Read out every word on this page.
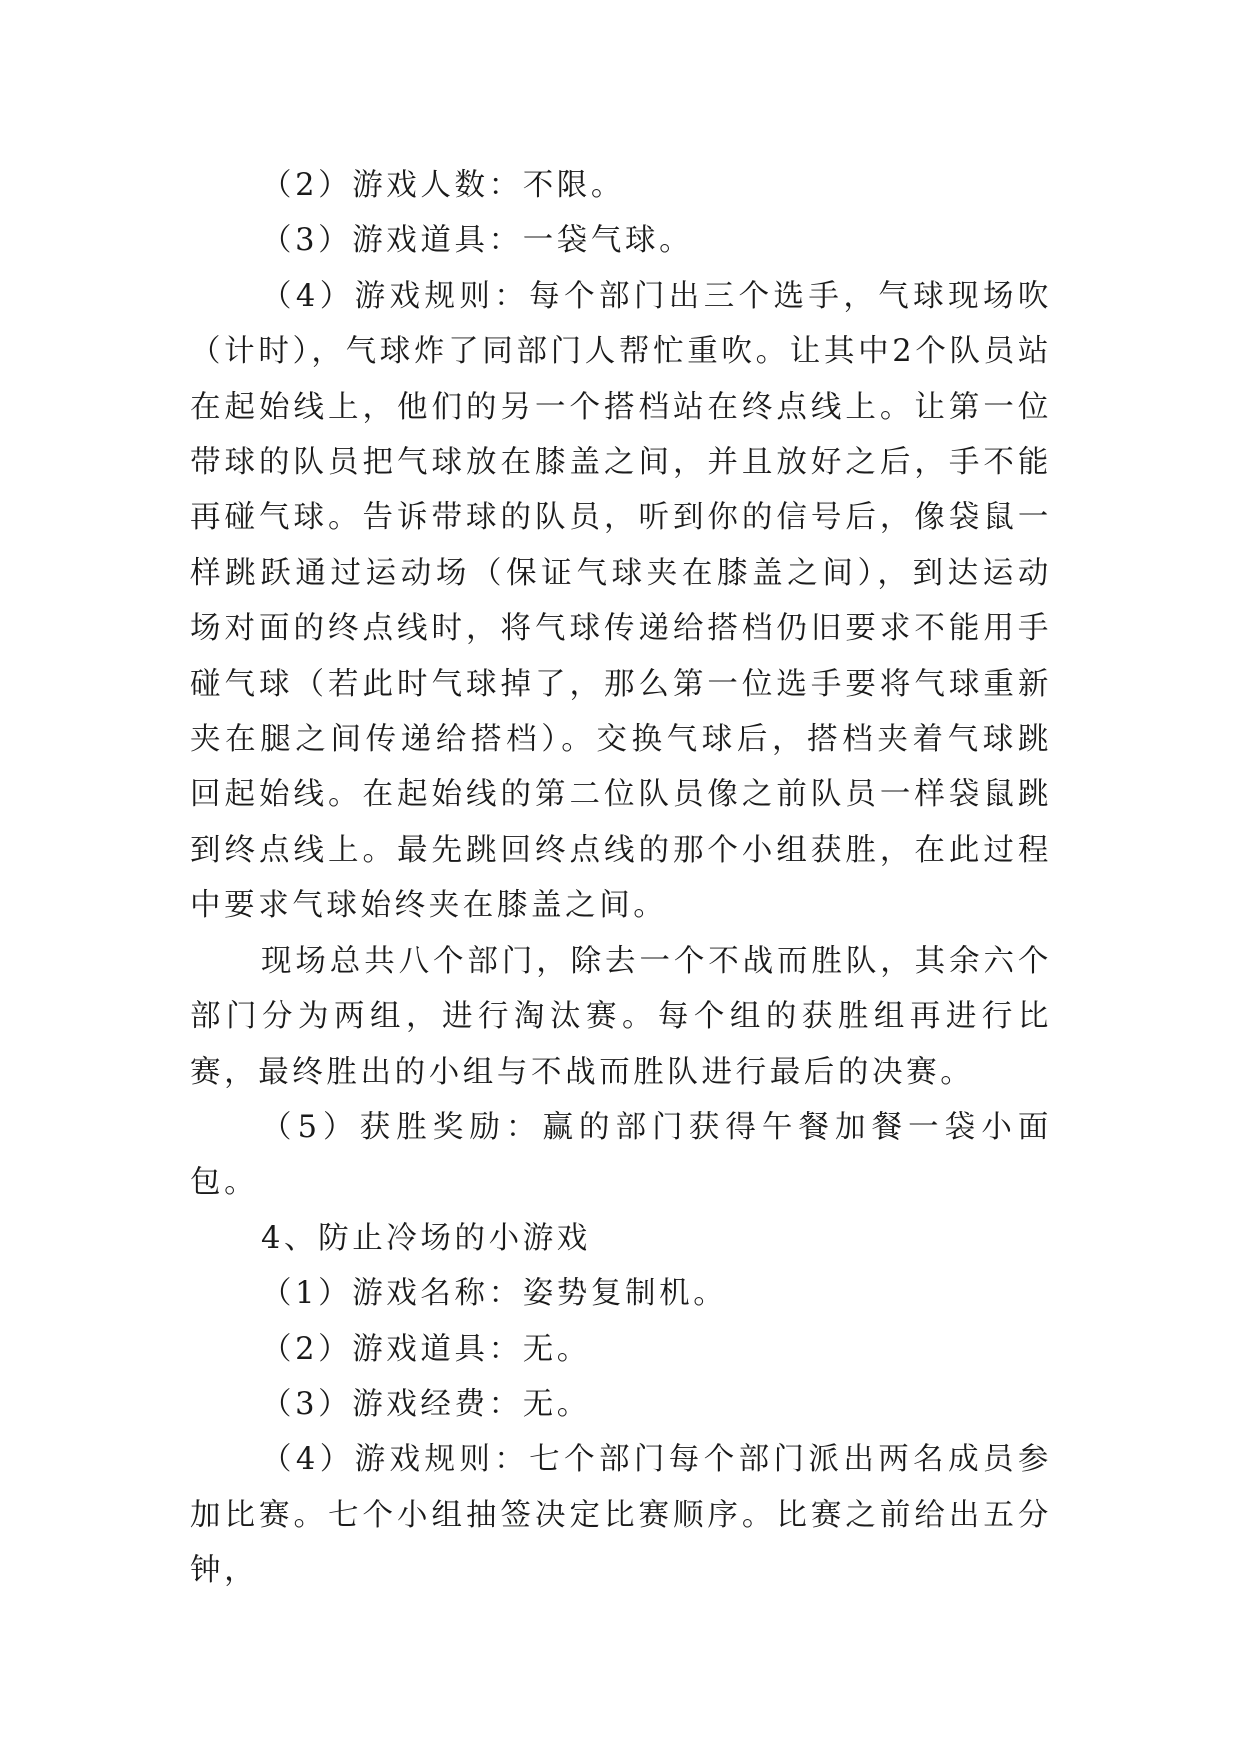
（2）游戏人数：不限。

（3）游戏道具：一袋气球。

（4）游戏规则：每个部门出三个选手，气球现场吹（计时），气球炸了同部门人帮忙重吹。让其中2个队员站在起始线上，他们的另一个搭档站在终点线上。让第一位带球的队员把气球放在膝盖之间，并且放好之后，手不能再碰气球。告诉带球的队员，听到你的信号后，像袋鼠一样跳跃通过运动场（保证气球夹在膝盖之间），到达运动场对面的终点线时，将气球传递给搭档仍旧要求不能用手碰气球（若此时气球掉了，那么第一位选手要将气球重新夹在腿之间传递给搭档）。交换气球后，搭档夹着气球跳回起始线。在起始线的第二位队员像之前队员一样袋鼠跳到终点线上。最先跳回终点线的那个小组获胜，在此过程中要求气球始终夹在膝盖之间。

现场总共八个部门，除去一个不战而胜队，其余六个部门分为两组，进行淘汰赛。每个组的获胜组再进行比赛，最终胜出的小组与不战而胜队进行最后的决赛。

（5）获胜奖励：赢的部门获得午餐加餐一袋小面包。

4、防止冷场的小游戏

（1）游戏名称：姿势复制机。

（2）游戏道具：无。

（3）游戏经费：无。

（4）游戏规则：七个部门每个部门派出两名成员参加比赛。七个小组抽签决定比赛顺序。比赛之前给出五分钟，
